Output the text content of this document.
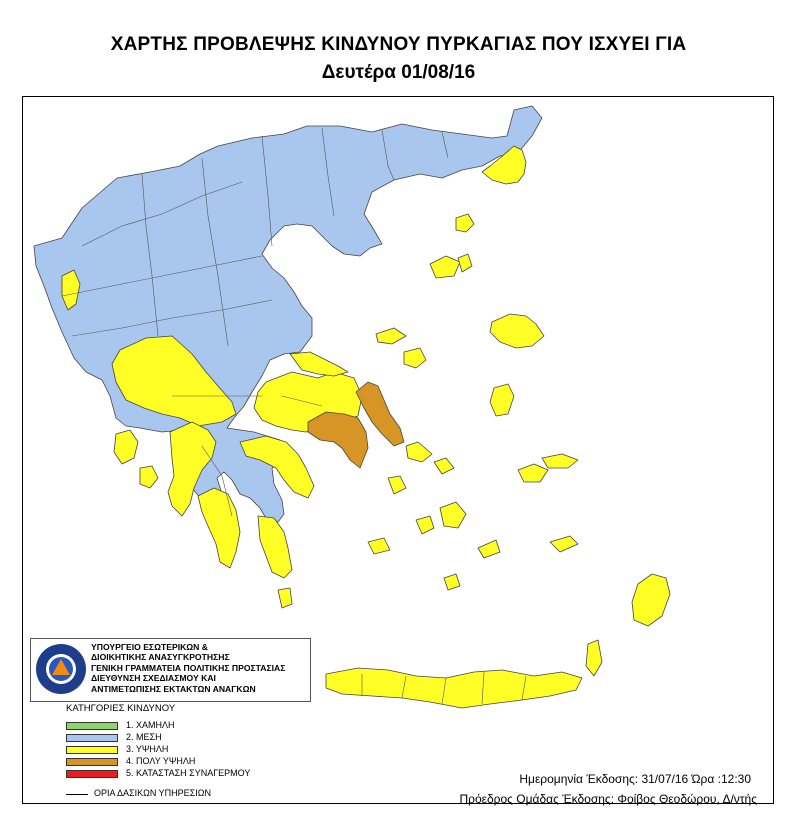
ΧΑΡΤΗΣ ΠΡΟΒΛΕΨΗΣ ΚΙΝΔΥΝΟΥ ΠΥΡΚΑΓΙΑΣ ΠΟΥ ΙΣΧΥΕΙ ΓΙΑ
Δευτέρα 01/08/16
ΥΠΟΥΡΓΕΙΟ ΕΣΩΤΕΡΙΚΩΝ &
ΔΙΟΙΚΗΤΙΚΗΣ ΑΝΑΣΥΓΚΡΟΤΗΣΗΣ
ΓΕΝΙΚΗ ΓΡΑΜΜΑΤΕΙΑ ΠΟΛΙΤΙΚΗΣ ΠΡΟΣΤΑΣΙΑΣ
ΔΙΕΥΘΥΝΣΗ ΣΧΕΔΙΑΣΜΟΥ ΚΑΙ
ΑΝΤΙΜΕΤΩΠΙΣΗΣ ΕΚΤΑΚΤΩΝ ΑΝΑΓΚΩΝ
ΚΑΤΗΓΟΡΙΕΣ ΚΙΝΔΥΝΟΥ
1. ΧΑΜΗΛΗ
2. ΜΕΣΗ
3. ΥΨΗΛΗ
4. ΠΟΛΥ ΥΨΗΛΗ
5. ΚΑΤΑΣΤΑΣΗ ΣΥΝΑΓΕΡΜΟΥ
ΟΡΙΑ ΔΑΣΙΚΩΝ ΥΠΗΡΕΣΙΩΝ
Ημερομηνία Έκδοσης: 31/07/16 Ώρα :12:30
Πρόεδρος Ομάδας Έκδοσης: Φοίβος Θεοδώρου, Δ/ντής
